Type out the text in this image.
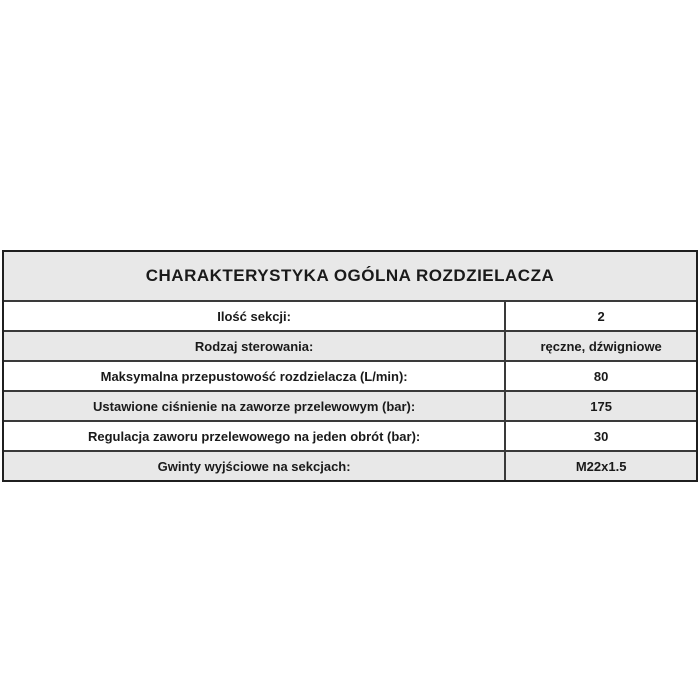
CHARAKTERYSTYKA OGÓLNA ROZDZIELACZA
Ilość sekcji:	2
Rodzaj sterowania:	ręczne, dźwigniowe
Maksymalna przepustowość rozdzielacza (L/min):	80
Ustawione ciśnienie na zaworze przelewowym (bar):	175
Regulacja zaworu przelewowego na jeden obrót (bar):	30
Gwinty wyjściowe na sekcjach:	M22x1.5
